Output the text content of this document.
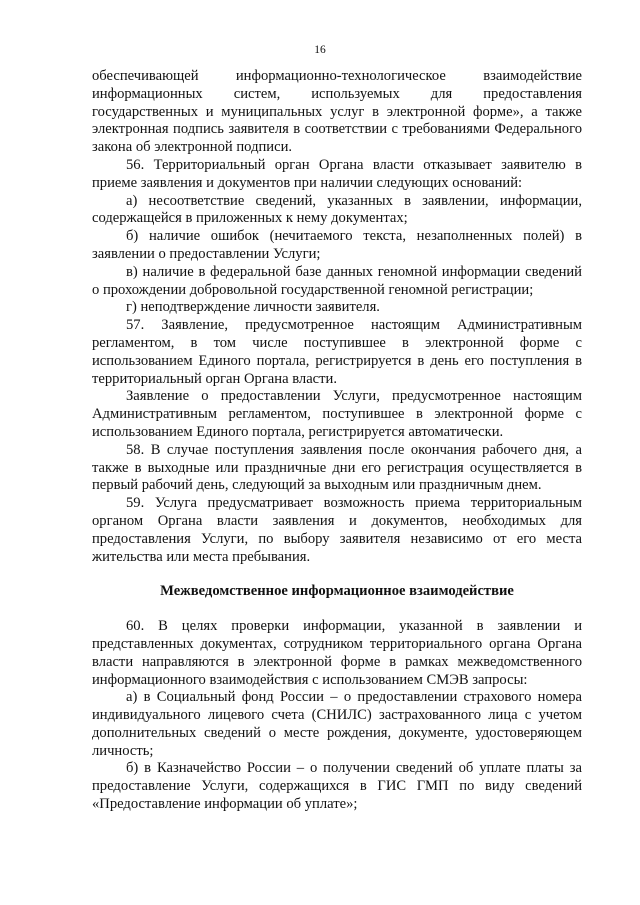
16

обеспечивающей информационно-технологическое взаимодействие информационных систем, используемых для предоставления государственных и муниципальных услуг в электронной форме», а также электронная подпись заявителя в соответствии с требованиями Федерального закона об электронной подписи.

56. Территориальный орган Органа власти отказывает заявителю в приеме заявления и документов при наличии следующих оснований:

а) несоответствие сведений, указанных в заявлении, информации, содержащейся в приложенных к нему документах;

б) наличие ошибок (нечитаемого текста, незаполненных полей) в заявлении о предоставлении Услуги;

в) наличие в федеральной базе данных геномной информации сведений о прохождении добровольной государственной геномной регистрации;

г) неподтверждение личности заявителя.

57. Заявление, предусмотренное настоящим Административным регламентом, в том числе поступившее в электронной форме с использованием Единого портала, регистрируется в день его поступления в территориальный орган Органа власти.

Заявление о предоставлении Услуги, предусмотренное настоящим Административным регламентом, поступившее в электронной форме с использованием Единого портала, регистрируется автоматически.

58. В случае поступления заявления после окончания рабочего дня, а также в выходные или праздничные дни его регистрация осуществляется в первый рабочий день, следующий за выходным или праздничным днем.

59. Услуга предусматривает возможность приема территориальным органом Органа власти заявления и документов, необходимых для предоставления Услуги, по выбору заявителя независимо от его места жительства или места пребывания.

Межведомственное информационное взаимодействие

60. В целях проверки информации, указанной в заявлении и представленных документах, сотрудником территориального органа Органа власти направляются в электронной форме в рамках межведомственного информационного взаимодействия с использованием СМЭВ запросы:

а) в Социальный фонд России – о предоставлении страхового номера индивидуального лицевого счета (СНИЛС) застрахованного лица с учетом дополнительных сведений о месте рождения, документе, удостоверяющем личность;

б) в Казначейство России – о получении сведений об уплате платы за предоставление Услуги, содержащихся в ГИС ГМП по виду сведений «Предоставление информации об уплате»;
